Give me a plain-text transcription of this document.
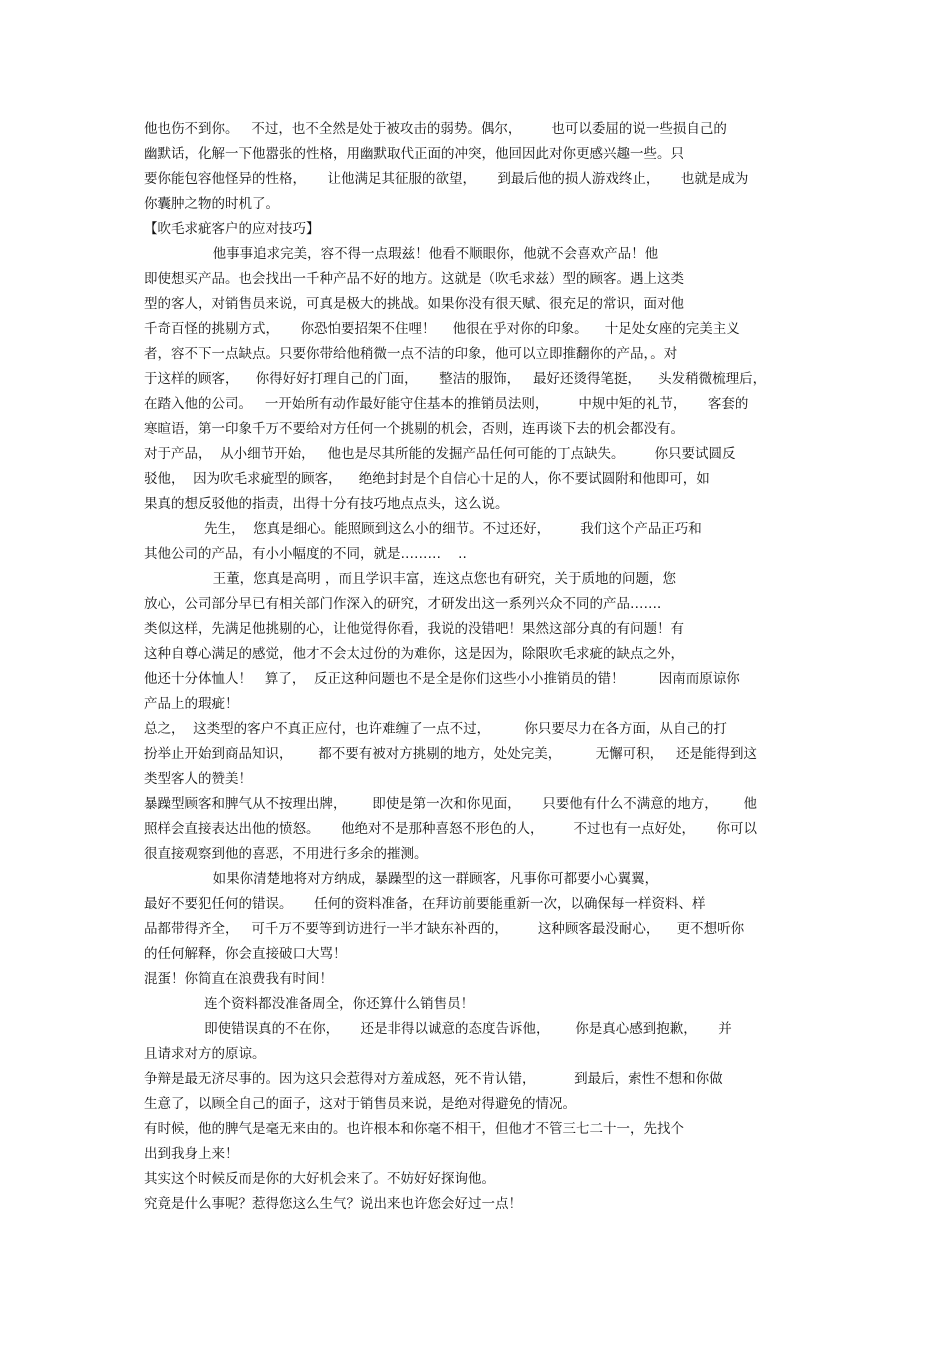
他也伤不到你。   不过，也不全然是处于被攻击的弱势。偶尔，       也可以委屈的说一些损自己的
幽默话，化解一下他嚣张的性格，用幽默取代正面的冲突，他回因此对你更感兴趣一些。只
要你能包容他怪异的性格，     让他满足其征服的欲望，     到最后他的损人游戏终止，     也就是成为
你囊肿之物的时机了。
【吹毛求疵客户的应对技巧】
他事事追求完美，容不得一点瑕兹！他看不顺眼你，他就不会喜欢产品！他
即使想买产品。也会找出一千种产品不好的地方。这就是（吹毛求兹）型的顾客。遇上这类
型的客人，对销售员来说，可真是极大的挑战。如果你没有很天赋、很充足的常识，面对他
千奇百怪的挑剔方式，     你恐怕要招架不住哩！    他很在乎对你的印象。    十足处女座的完美主义
者，容不下一点缺点。只要你带给他稍微一点不洁的印象，他可以立即推翻你的产品，。对
于这样的顾客，    你得好好打理自己的门面，     整洁的服饰，   最好还烫得笔挺，    头发稍微梳理后，
在踏入他的公司。   一开始所有动作最好能守住基本的推销员法则，       中规中矩的礼节，     客套的
寒暄语，第一印象千万不要给对方任何一个挑剔的机会，否则，连再谈下去的机会都没有。
对于产品，  从小细节开始，   他也是尽其所能的发掘产品任何可能的丁点缺失。       你只要试圆反
驳他，  因为吹毛求疵型的顾客，    绝绝封封是个自信心十足的人，你不要试圆附和他即可，如
果真的想反驳他的指责，出得十分有技巧地点点头，这么说。
先生，  您真是细心。能照顾到这么小的细节。不过还好，       我们这个产品正巧和
其他公司的产品，有小小幅度的不同，就是………    ..
王董，您真是高明 ，而且学识丰富，连这点您也有研究，关于质地的问题，您
放心，公司部分早已有相关部门作深入的研究，才研发出这一系列兴众不同的产品……．
类似这样，先满足他挑剔的心，让他觉得你看，我说的没错吧！果然这部分真的有问题！有
这种自尊心满足的感觉，他才不会太过份的为难你，这是因为，除限吹毛求疵的缺点之外，
他还十分体恤人！   算了，  反正这种问题也不是全是你们这些小小推销员的错！        因南而原谅你
产品上的瑕疵！
总之，  这类型的客户不真正应付，也许难缠了一点不过，        你只要尽力在各方面，从自己的打
扮举止开始到商品知识，      都不要有被对方挑剔的地方，处处完美，        无懈可积，   还是能得到这
类型客人的赞美！
暴躁型顾客和脾气从不按理出牌，      即使是第一次和你见面，     只要他有什么不满意的地方，      他
照样会直接表达出他的愤怒。     他绝对不是那种喜怒不形色的人，       不过也有一点好处，     你可以
很直接观察到他的喜恶，不用进行多余的摧测。
如果你清楚地将对方纳成，暴躁型的这一群顾客，凡事你可都要小心翼翼，
最好不要犯任何的错误。     任何的资料准备，在拜访前要能重新一次，以确保每一样资料、样
品都带得齐全，   可千万不要等到访进行一半才缺东补西的，       这种顾客最没耐心，    更不想听你
的任何解释，你会直接破口大骂！
混蛋！你简直在浪费我有时间！
连个资料都没准备周全，你还算什么销售员！
即使错误真的不在你，     还是非得以诚意的态度告诉他，      你是真心感到抱歉，     并
且请求对方的原谅。
争辩是最无济尽事的。因为这只会惹得对方羞成怒，死不肯认错，         到最后，索性不想和你做
生意了，以顾全自己的面子，这对于销售员来说，是绝对得避免的情况。
有时候，他的脾气是毫无来由的。也许根本和你毫不相干，但他才不管三七二十一，先找个
出到我身上来！
其实这个时候反而是你的大好机会来了。不妨好好探询他。
究竟是什么事呢？惹得您这么生气？说出来也许您会好过一点！
